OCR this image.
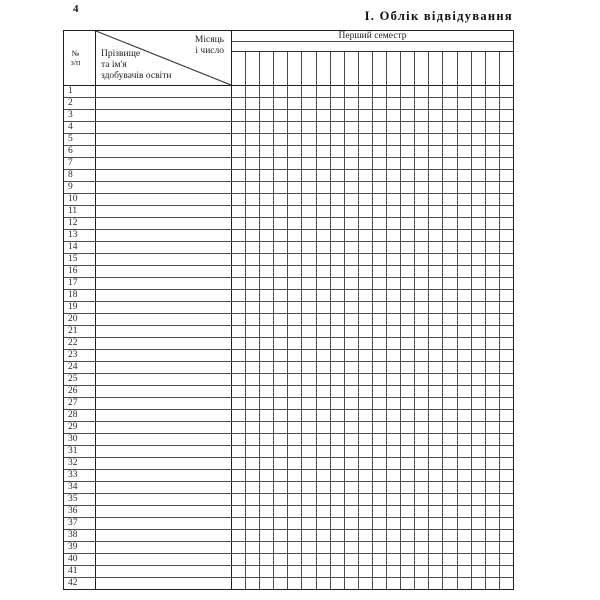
4	І. Облік відвідування
№
з/п
Місяць
і число
Прізвище
та ім'я
здобувачів освіти
Перший семестр
1
2
3
4
5
6
7
8
9
10
11
12
13
14
15
16
17
18
19
20
21
22
23
24
25
26
27
28
29
30
31
32
33
34
35
36
37
38
39
40
41
42
